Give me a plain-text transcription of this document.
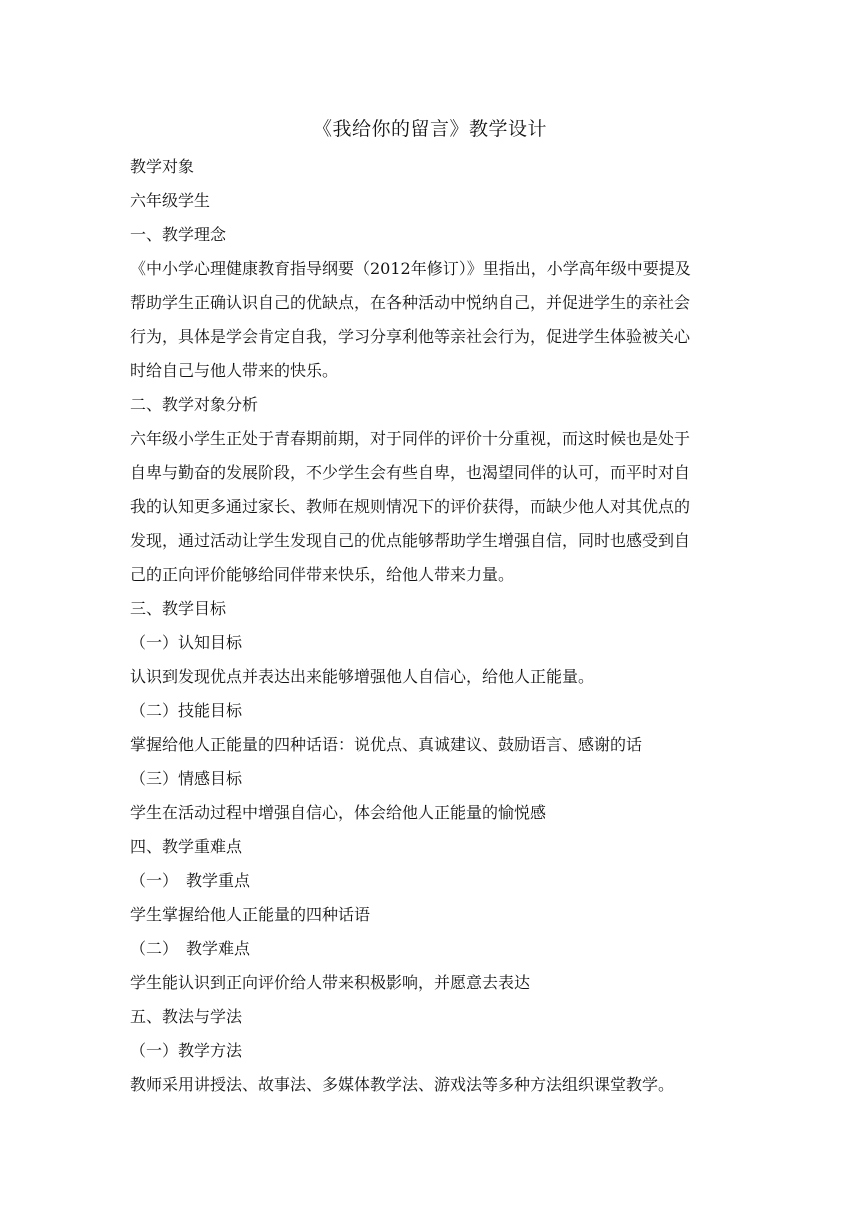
《我给你的留言》教学设计
教学对象
六年级学生
一、教学理念
《中小学心理健康教育指导纲要（2012年修订）》里指出，小学高年级中要提及
帮助学生正确认识自己的优缺点，在各种活动中悦纳自己，并促进学生的亲社会
行为，具体是学会肯定自我，学习分享利他等亲社会行为，促进学生体验被关心
时给自己与他人带来的快乐。
二、教学对象分析
六年级小学生正处于青春期前期，对于同伴的评价十分重视，而这时候也是处于
自卑与勤奋的发展阶段，不少学生会有些自卑，也渴望同伴的认可，而平时对自
我的认知更多通过家长、教师在规则情况下的评价获得，而缺少他人对其优点的
发现，通过活动让学生发现自己的优点能够帮助学生增强自信，同时也感受到自
己的正向评价能够给同伴带来快乐，给他人带来力量。
三、教学目标
（一）认知目标
认识到发现优点并表达出来能够增强他人自信心，给他人正能量。
（二）技能目标
掌握给他人正能量的四种话语：说优点、真诚建议、鼓励语言、感谢的话
（三）情感目标
学生在活动过程中增强自信心，体会给他人正能量的愉悦感
四、教学重难点
（一）　教学重点
学生掌握给他人正能量的四种话语
（二）　教学难点
学生能认识到正向评价给人带来积极影响，并愿意去表达
五、教法与学法
（一）教学方法
教师采用讲授法、故事法、多媒体教学法、游戏法等多种方法组织课堂教学。
